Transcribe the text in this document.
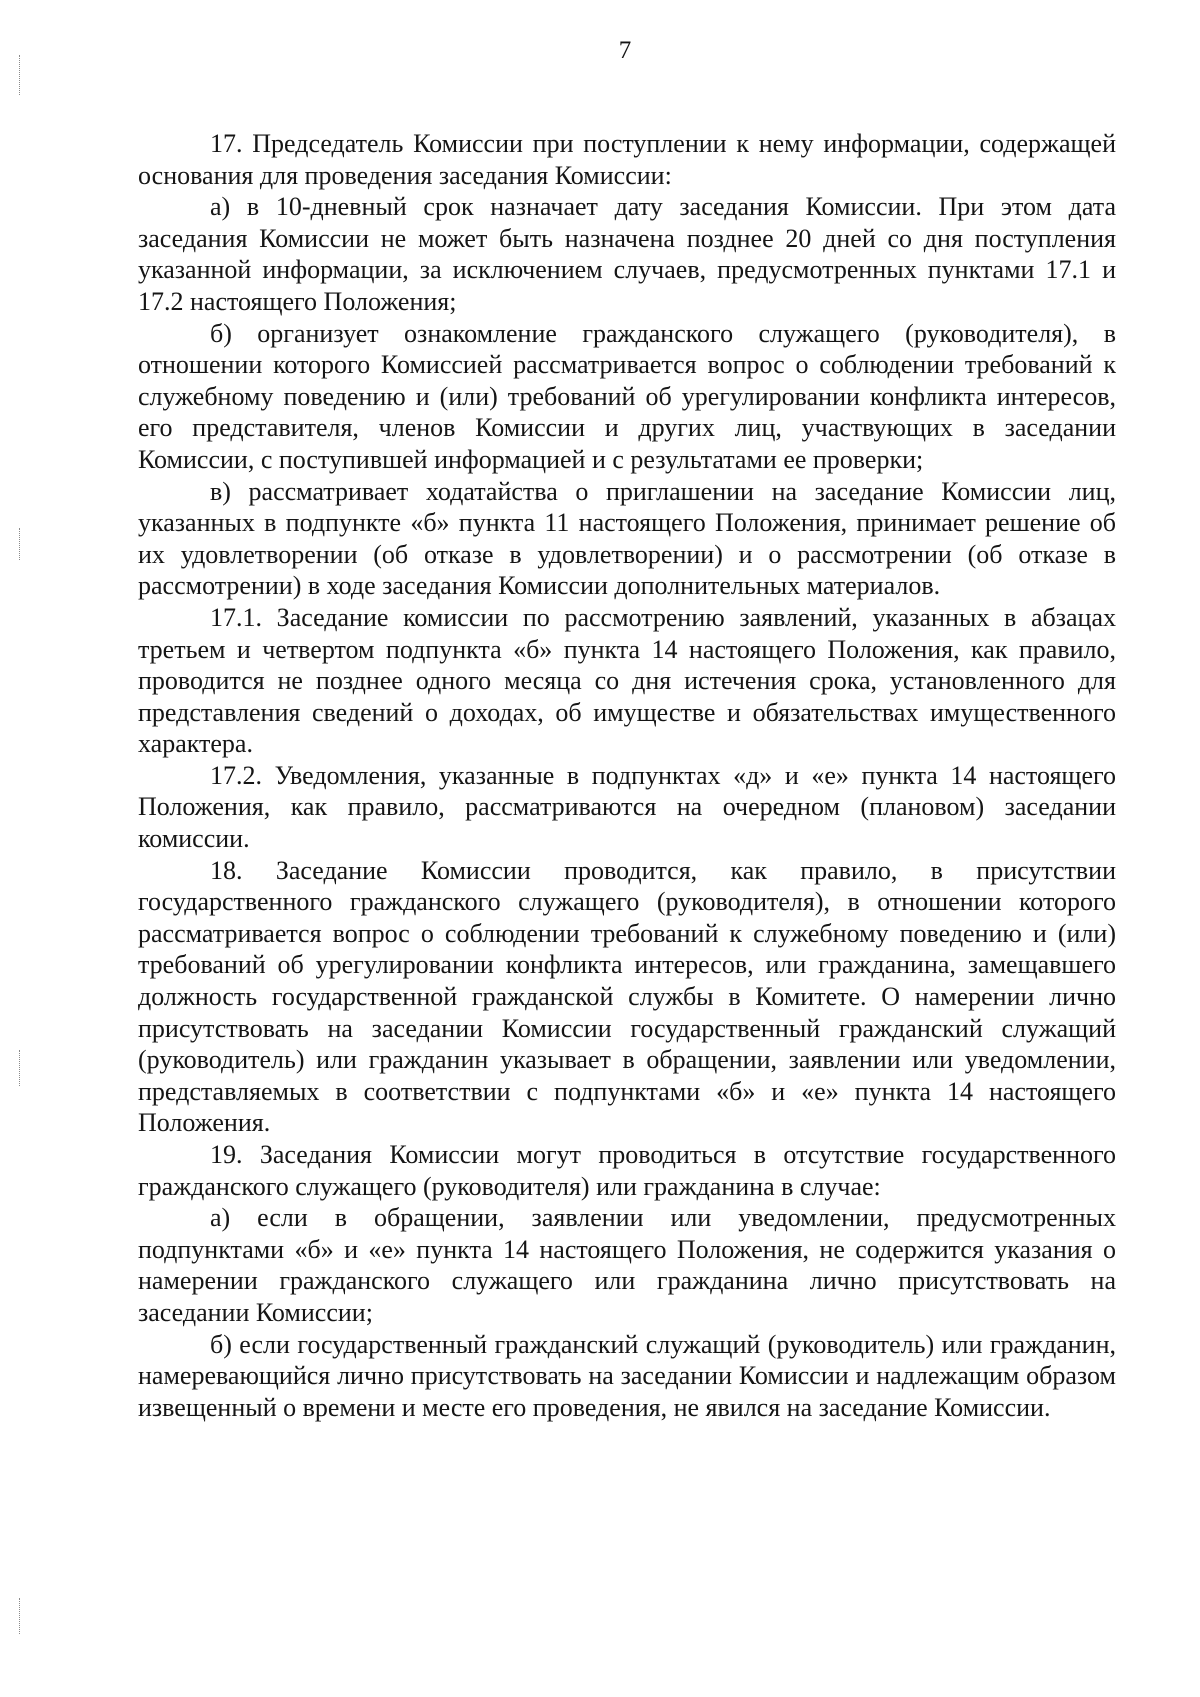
7

17. Председатель Комиссии при поступлении к нему информации, содержащей основания для проведения заседания Комиссии:

а) в 10-дневный срок назначает дату заседания Комиссии. При этом дата заседания Комиссии не может быть назначена позднее 20 дней со дня поступления указанной информации, за исключением случаев, предусмотренных пунктами 17.1 и 17.2 настоящего Положения;

б) организует ознакомление гражданского служащего (руководителя), в отношении которого Комиссией рассматривается вопрос о соблюдении требований к служебному поведению и (или) требований об урегулировании конфликта интересов, его представителя, членов Комиссии и других лиц, участвующих в заседании Комиссии, с поступившей информацией и с результатами ее проверки;

в) рассматривает ходатайства о приглашении на заседание Комиссии лиц, указанных в подпункте «б» пункта 11 настоящего Положения, принимает решение об их удовлетворении (об отказе в удовлетворении) и о рассмотрении (об отказе в рассмотрении) в ходе заседания Комиссии дополнительных материалов.

17.1. Заседание комиссии по рассмотрению заявлений, указанных в абзацах третьем и четвертом подпункта «б» пункта 14 настоящего Положения, как правило, проводится не позднее одного месяца со дня истечения срока, установленного для представления сведений о доходах, об имуществе и обязательствах имущественного характера.

17.2. Уведомления, указанные в подпунктах «д» и «е» пункта 14 настоящего Положения, как правило, рассматриваются на очередном (плановом) заседании комиссии.

18. Заседание Комиссии проводится, как правило, в присутствии государственного гражданского служащего (руководителя), в отношении которого рассматривается вопрос о соблюдении требований к служебному поведению и (или) требований об урегулировании конфликта интересов, или гражданина, замещавшего должность государственной гражданской службы в Комитете. О намерении лично присутствовать на заседании Комиссии государственный гражданский служащий (руководитель) или гражданин указывает в обращении, заявлении или уведомлении, представляемых в соответствии с подпунктами «б» и «е» пункта 14 настоящего Положения.

19. Заседания Комиссии могут проводиться в отсутствие государственного гражданского служащего (руководителя) или гражданина в случае:

а) если в обращении, заявлении или уведомлении, предусмотренных подпунктами «б» и «е» пункта 14 настоящего Положения, не содержится указания о намерении гражданского служащего или гражданина лично присутствовать на заседании Комиссии;

б) если государственный гражданский служащий (руководитель) или гражданин, намеревающийся лично присутствовать на заседании Комиссии и надлежащим образом извещенный о времени и месте его проведения, не явился на заседание Комиссии.
